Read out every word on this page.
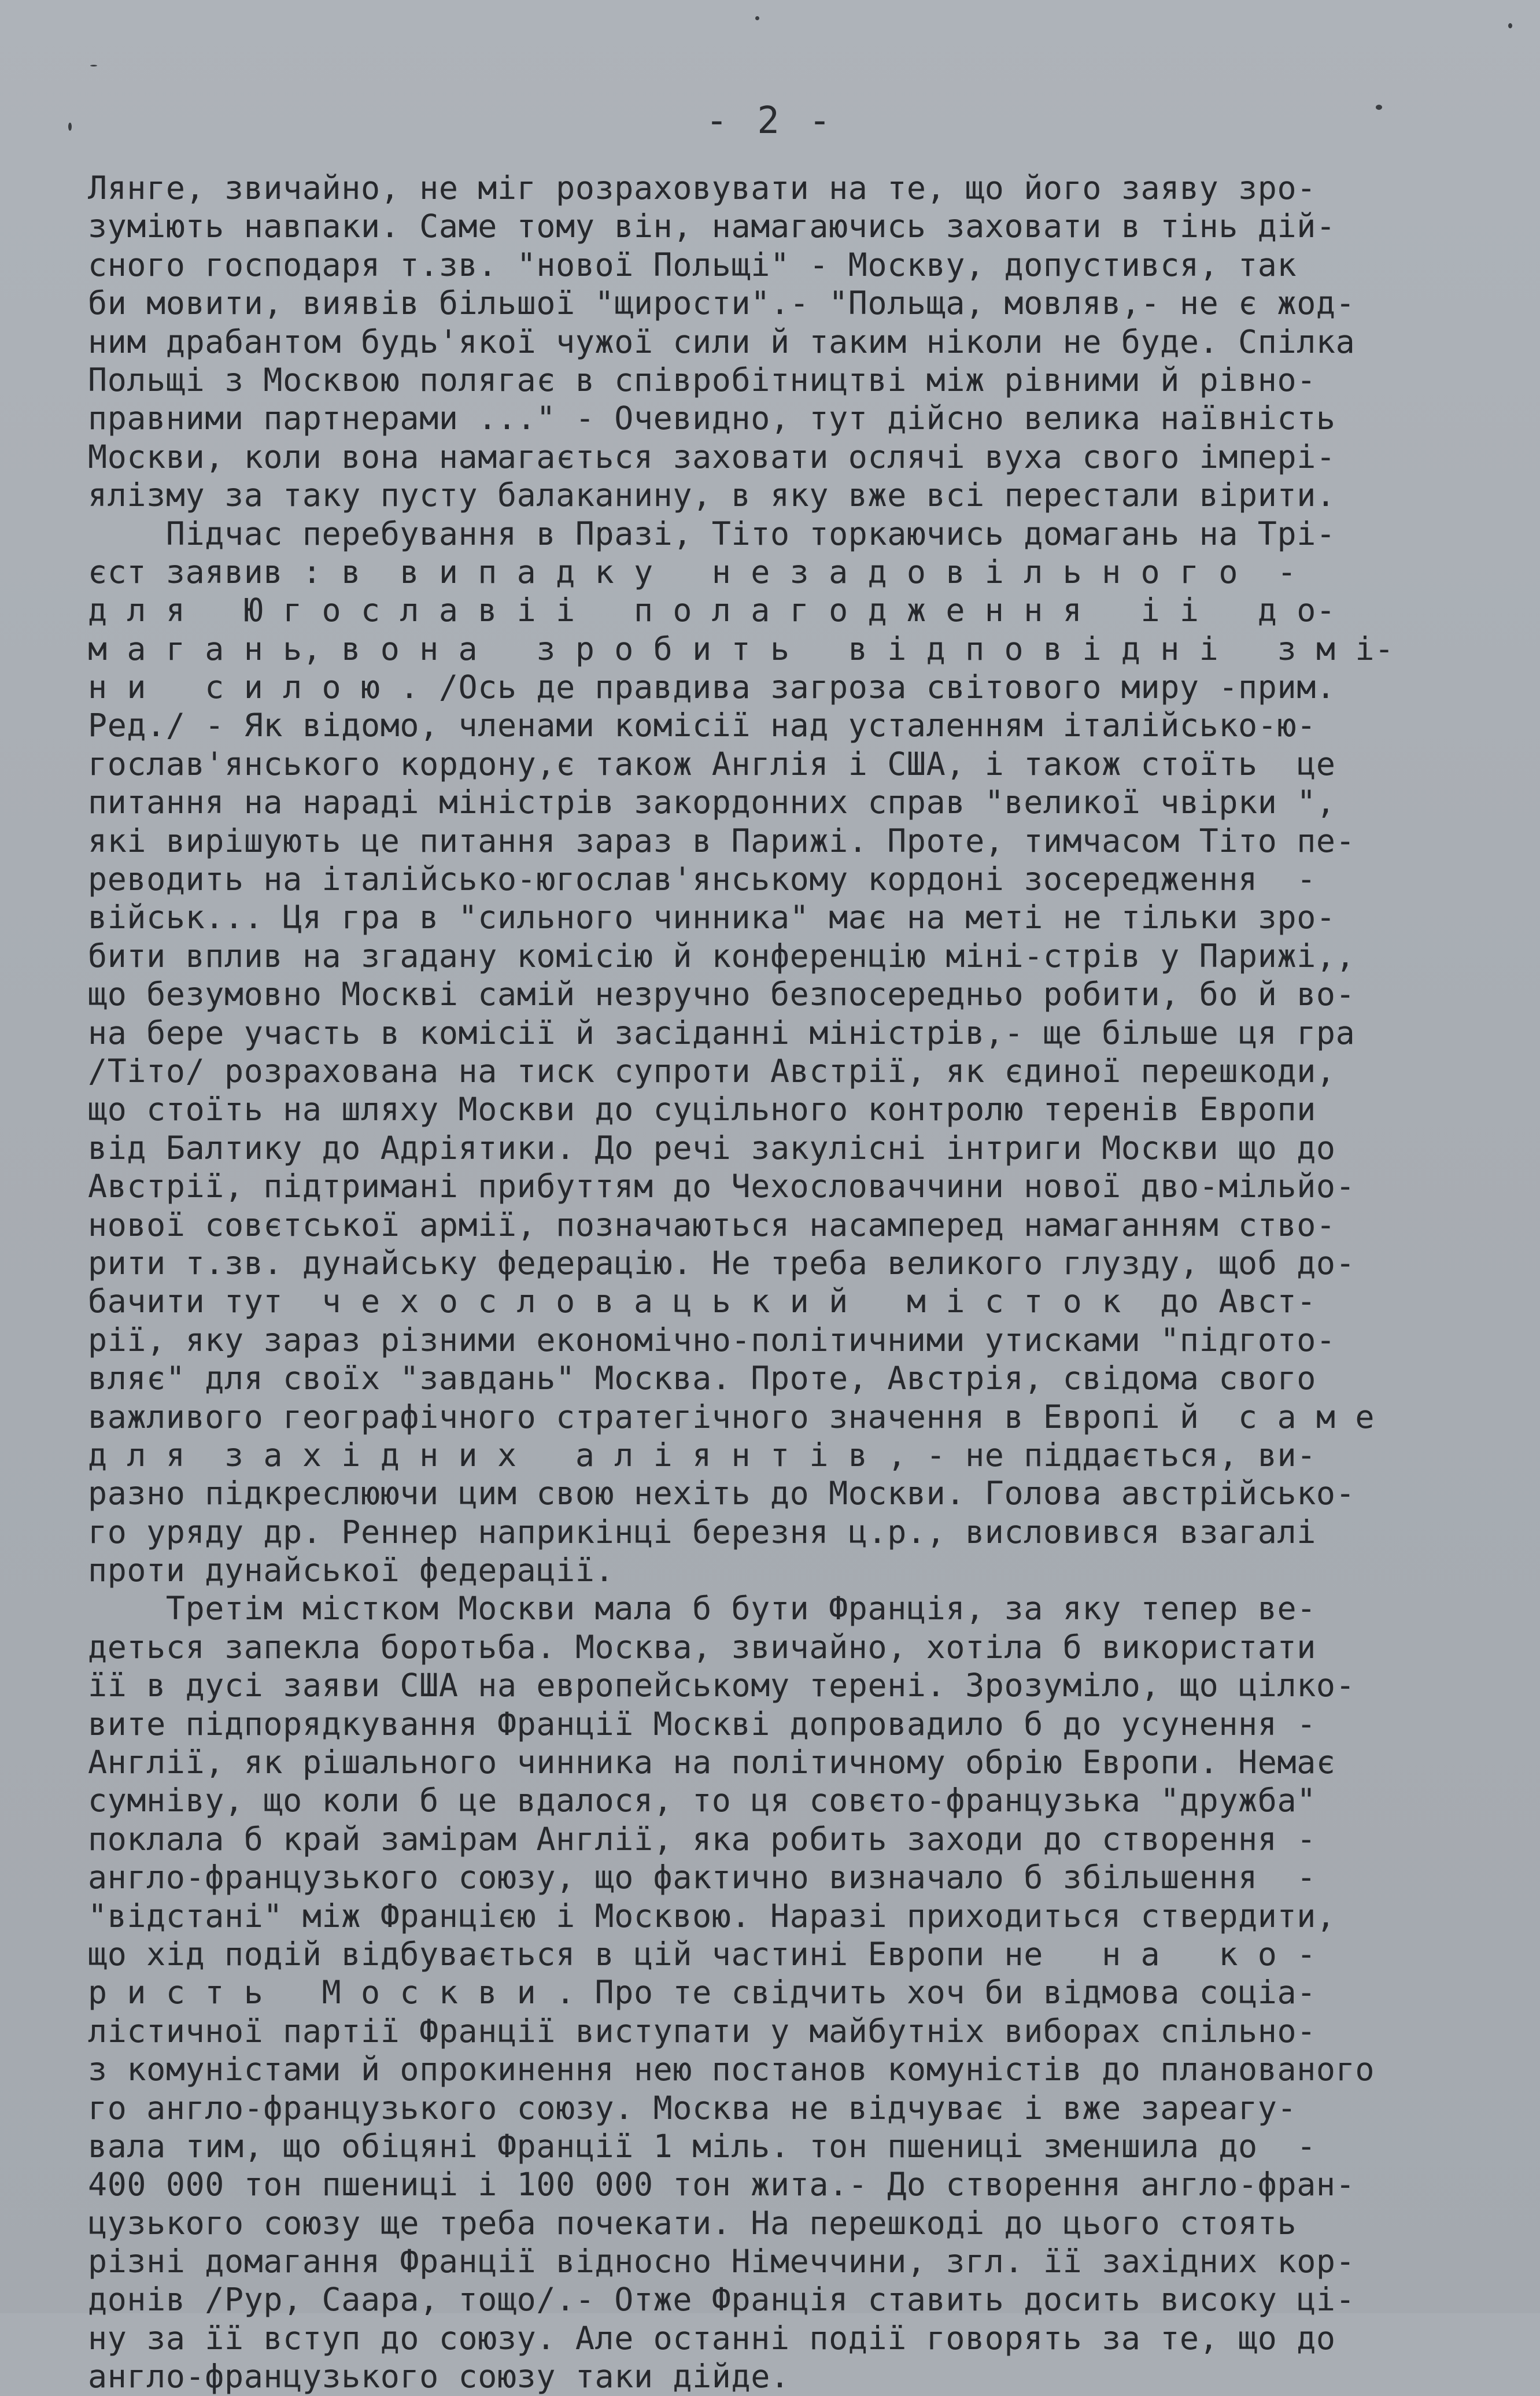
- 2 -
Лянге, звичайно, не міг розраховувати на те, що його заяву зро-
зуміють навпаки. Саме тому він, намагаючись заховати в тінь дій-
сного господаря т.зв. "нової Польщі" - Москву, допустився, так
би мовити, виявів більшої "щирости".- "Польща, мовляв,- не є жод-
ним драбантом будь'якої чужої сили й таким ніколи не буде. Спілка
Польщі з Москвою полягає в співробітництві між рівними й рівно-
правними партнерами ..." - Очевидно, тут дійсно велика наївність
Москви, коли вона намагається заховати ослячі вуха свого імпері-
ялізму за таку пусту балаканину, в яку вже всі перестали вірити.
Підчас перебування в Празі, Тіто торкаючись домагань на Трі-
єст заявив : в  в и п а д к у   н е з а д о в і л ь н о г о  -
д л я   Ю г о с л а в і і   п о л а г о д ж е н н я   і і   д о-
м а г а н ь, в о н а   з р о б и т ь   в і д п о в і д н і   з м і-
н и   с и л о ю . /Ось де правдива загроза світового миру -прим.
Ред./ - Як відомо, членами комісії над усталенням італійсько-ю-
гослав'янського кордону,є також Англія і США, і також стоїть  це
питання на нараді міністрів закордонних справ "великої чвірки ",
які вирішують це питання зараз в Парижі. Проте, тимчасом Тіто пе-
реводить на італійсько-югослав'янському кордоні зосередження  -
військ... Ця гра в "сильного чинника" має на меті не тільки зро-
бити вплив на згадану комісію й конференцію міні-стрів у Парижі,,
що безумовно Москві самій незручно безпосередньо робити, бо й во-
на бере участь в комісії й засіданні міністрів,- ще більше ця гра
/Тіто/ розрахована на тиск супроти Австрії, як єдиної перешкоди,
що стоїть на шляху Москви до суцільного контролю теренів Европи
від Балтику до Адріятики. До речі закулісні інтриги Москви що до
Австрії, підтримані прибуттям до Чехословаччини нової дво-мільйо-
нової совєтської армії, позначаються насамперед намаганням ство-
рити т.зв. дунайську федерацію. Не треба великого глузду, щоб до-
бачити тут  ч е х о с л о в а ц ь к и й   м і с т о к  до Авст-
рії, яку зараз різними економічно-політичними утисками "підгото-
вляє" для своїх "завдань" Москва. Проте, Австрія, свідома свого
важливого географічного стратегічного значення в Европі й  с а м е
д л я  з а х і д н и х   а л і я н т і в , - не піддається, ви-
разно підкреслюючи цим свою нехіть до Москви. Голова австрійсько-
го уряду др. Реннер наприкінці березня ц.р., висловився взагалі
проти дунайської федерації.
Третім містком Москви мала б бути Франція, за яку тепер ве-
деться запекла боротьба. Москва, звичайно, хотіла б використати
її в дусі заяви США на европейському терені. Зрозуміло, що цілко-
вите підпорядкування Франції Москві допровадило б до усунення -
Англії, як рішального чинника на політичному обрію Европи. Немає
сумніву, що коли б це вдалося, то ця совєто-французька "дружба"
поклала б край замірам Англії, яка робить заходи до створення -
англо-французького союзу, що фактично визначало б збільшення  -
"відстані" між Францією і Москвою. Наразі приходиться ствердити,
що хід подій відбувається в цій частині Европи не   н а   к о -
р и с т ь   М о с к в и . Про те свідчить хоч би відмова соціа-
лістичної партії Франції виступати у майбутніх виборах спільно-
з комуністами й опрокинення нею постанов комуністів до планованого
го англо-французького союзу. Москва не відчуває і вже зареагу-
вала тим, що обіцяні Франції 1 міль. тон пшениці зменшила до  -
400 000 тон пшениці і 100 000 тон жита.- До створення англо-фран-
цузького союзу ще треба почекати. На перешкоді до цього стоять
різні домагання Франції відносно Німеччини, згл. її західних кор-
донів /Рур, Саара, тощо/.- Отже Франція ставить досить високу ці-
ну за її вступ до союзу. Але останні події говорять за те, що до
англо-французького союзу таки дійде.
